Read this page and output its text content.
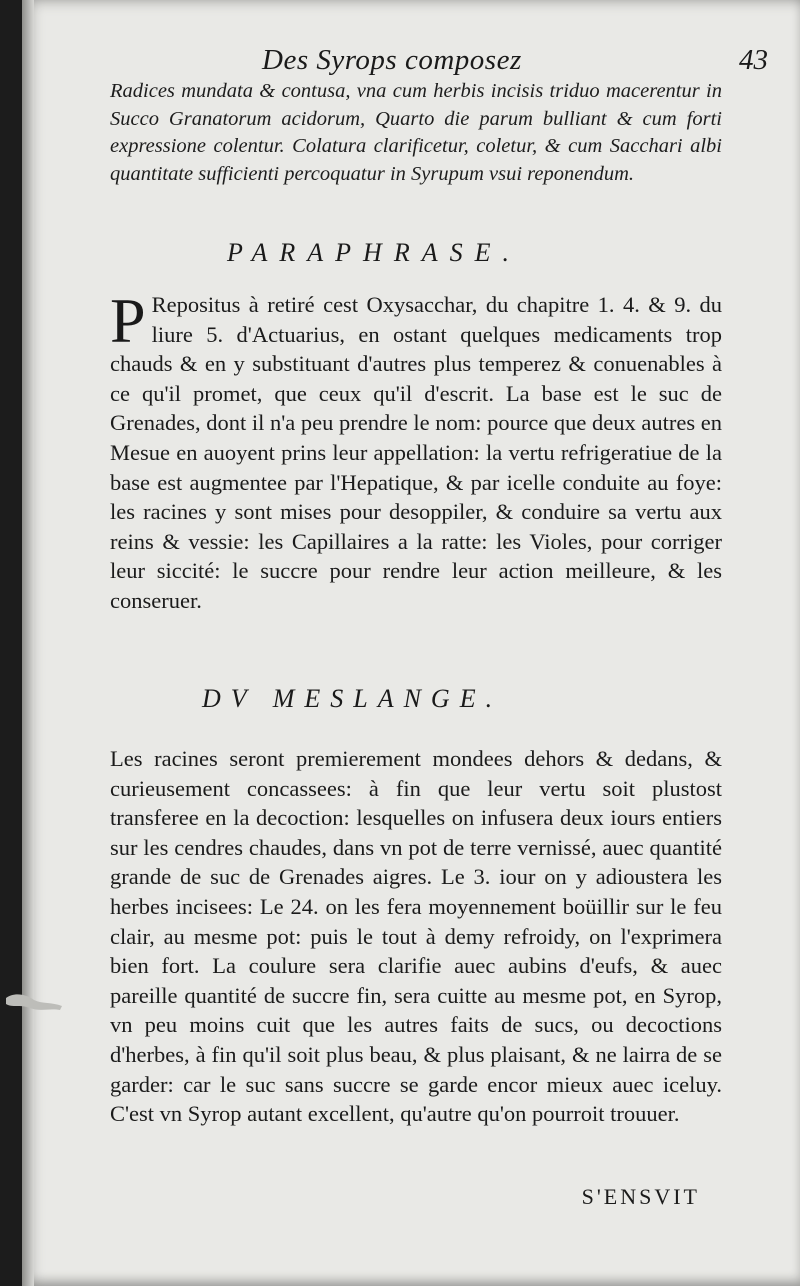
Des Syrops composez	43
Radices mundata & contusa, vna cum herbis incisis triduo macerentur in Succo Granatorum acidorum, Quarto die parum bulliant & cum forti expressione colentur. Colatura clarificetur, coletur, & cum Sacchari albi quantitate sufficienti percoquatur in Syrupum vsui reponendum.
PARAPHRASE.
P Repositus à retiré cest Oxysacchar, du chapitre 1. 4. & 9. du liure 5. d'Actuarius, en ostant quelques medicaments trop chauds & en y substituant d'autres plus temperez & conuenables à ce qu'il promet, que ceux qu'il d'escrit. La base est le suc de Grenades, dont il n'a peu prendre le nom: pource que deux autres en Mesue en auoyent prins leur appellation: la vertu refrigeratiue de la base est augmentee par l'Hepatique, & par icelle conduite au foye: les racines y sont mises pour desoppiler, & conduire sa vertu aux reins & vessie: les Capillaires a la ratte: les Violes, pour corriger leur siccité: le succre pour rendre leur action meilleure, & les conseruer.
DV MESLANGE.
Les racines seront premierement mondees dehors & dedans, & curieusement concassees: à fin que leur vertu soit plustost transferee en la decoction: lesquelles on infusera deux iours entiers sur les cendres chaudes, dans vn pot de terre vernissé, auec quantité grande de suc de Grenades aigres. Le 3. iour on y adioustera les herbes incisees: Le 24. on les fera moyennement boüillir sur le feu clair, au mesme pot: puis le tout à demy refroidy, on l'exprimera bien fort. La coulure sera clarifie auec aubins d'eufs, & auec pareille quantité de succre fin, sera cuitte au mesme pot, en Syrop, vn peu moins cuit que les autres faits de sucs, ou decoctions d'herbes, à fin qu'il soit plus beau, & plus plaisant, & ne lairra de se garder: car le suc sans succre se garde encor mieux auec iceluy. C'est vn Syrop autant excellent, qu'autre qu'on pourroit trouuer.
S'ENSVIT
